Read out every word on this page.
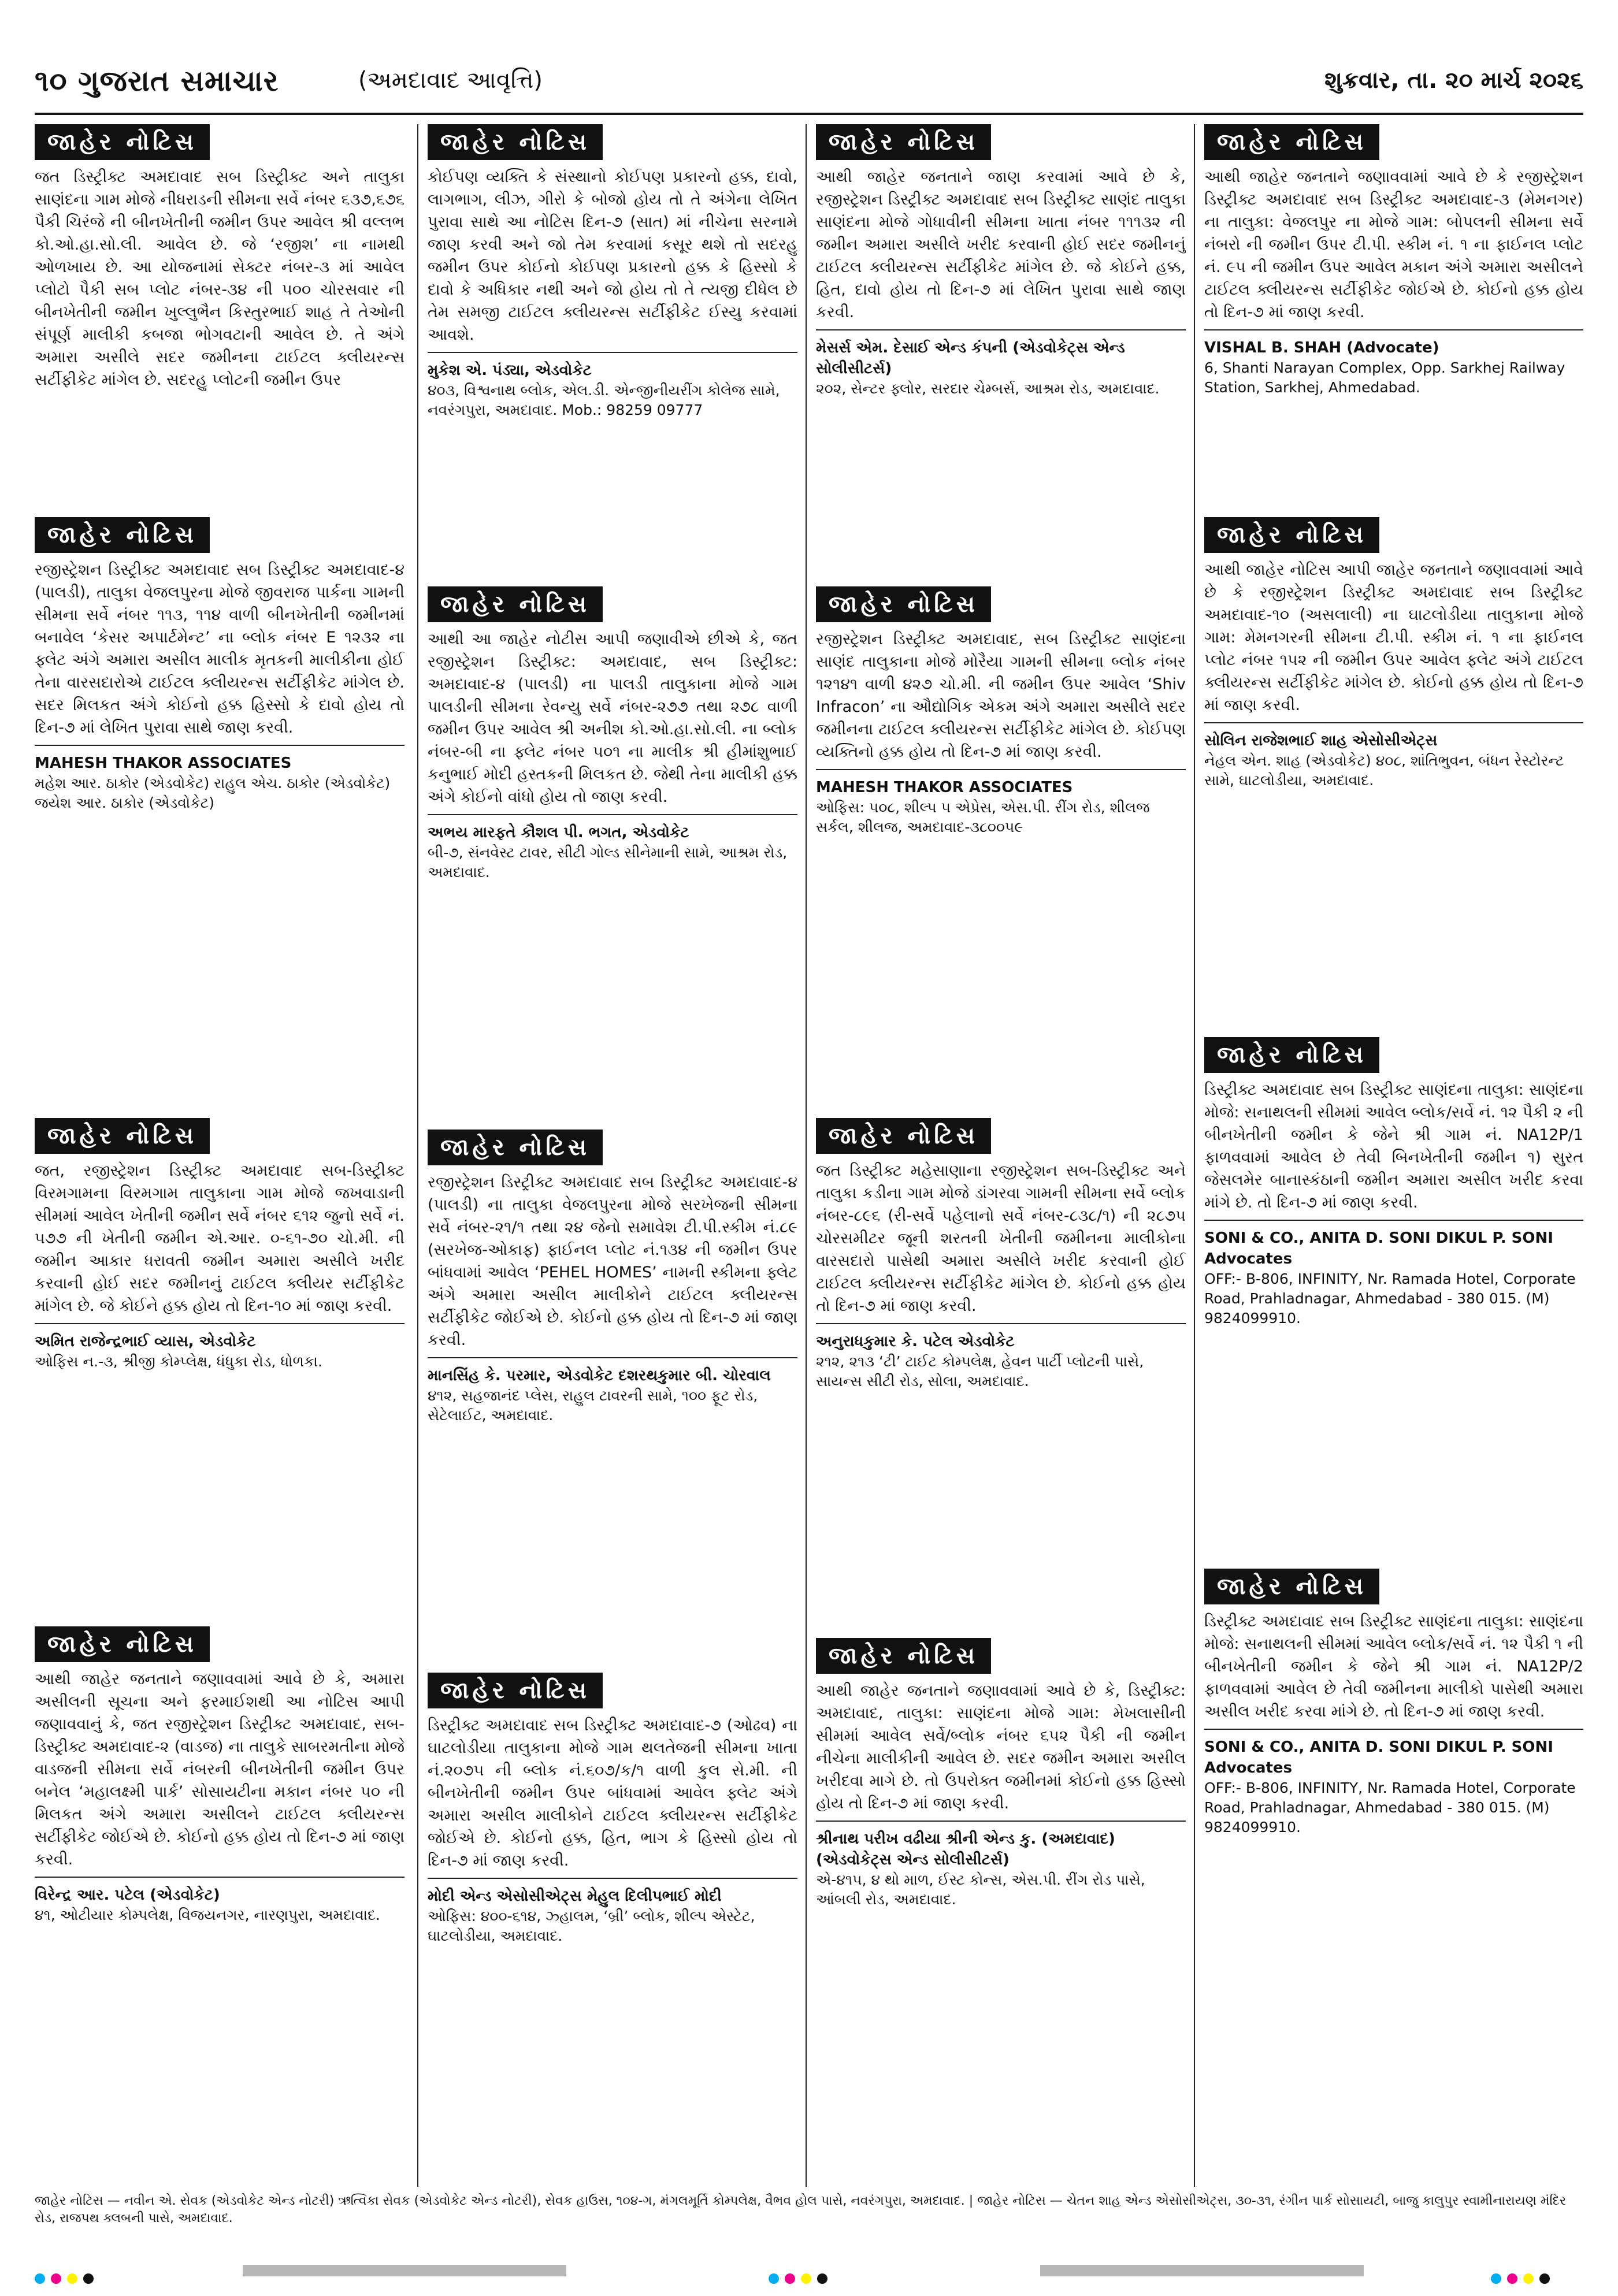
૧૦ ગુજરાત સમાચાર	(અમદાવાદ આવૃત્તિ)	શુક્રવાર, તા. ૨૦ માર્ચ ૨૦૨૬
જાહેર નોટિસ
જત ડિસ્ટ્રીક્ટ અમદાવાદ સબ ડિસ્ટ્રીક્ટ અને તાલુકા સાણંદના ગામ મોજે નીધરાડની સીમના સર્વે નંબર ૬૩૭,૬૭૬ પૈકી ચિરંજે ની બીનખેતીની જમીન ઉપર આવેલ શ્રી વલ્લભ કો.ઓ.હા.સો.લી. આવેલ છે. જે ‘રજીશ’ ના નામથી ઓળખાય છે. આ યોજનામાં સેક્ટર નંબર-૩ માં આવેલ પ્લોટો પૈકી સબ પ્લોટ નંબર-૩૪ ની ૫૦૦ ચોરસવાર ની બીનખેતીની જમીન ખુલ્લુભૈન કિસ્તુરભાઈ શાહ તે તેઓની સંપૂર્ણ માલીકી કબજા ભોગવટાની આવેલ છે. તે અંગે અમારા અસીલે સદર જમીનના ટાઈટલ ક્લીયરન્સ સર્ટીફીકેટ માંગેલ છે. સદરહુ પ્લોટની જમીન ઉપર
જાહેર નોટિસ
રજીસ્ટ્રેશન ડિસ્ટ્રીક્ટ અમદાવાદ સબ ડિસ્ટ્રીક્ટ અમદાવાદ-૪ (પાલડી), તાલુકા વેજલપુરના મોજે જીવરાજ પાર્કના ગામની સીમના સર્વે નંબર ૧૧૩, ૧૧૪ વાળી બીનખેતીની જમીનમાં બનાવેલ ‘કેસર અપાર્ટમેન્ટ’ ના બ્લોક નંબર E ૧૨૩૨ ના ફ્લેટ અંગે અમારા અસીલ માલીક મૃતકની માલીકીના હોઈ તેના વારસદારોએ ટાઈટલ ક્લીયરન્સ સર્ટીફીકેટ માંગેલ છે. સદર મિલકત અંગે કોઈનો હક્ક હિસ્સો કે દાવો હોય તો દિન-૭ માં લેખિત પુરાવા સાથે જાણ કરવી.
MAHESH THAKOR ASSOCIATES
મહેશ આર. ઠાકોર (એડવોકેટ) રાહુલ એચ. ઠાકોર (એડવોકેટ) જયેશ આર. ઠાકોર (એડવોકેટ)
જાહેર નોટિસ
જત, રજીસ્ટ્રેશન ડિસ્ટ્રીક્ટ અમદાવાદ સબ-ડિસ્ટ્રીક્ટ વિરમગામના વિરમગામ તાલુકાના ગામ મોજે જખવાડાની સીમમાં આવેલ ખેતીની જમીન સર્વે નંબર ૬૧૨ જુનો સર્વે નં. ૫૭૭ ની ખેતીની જમીન એ.આર. ૦-૬૧-૭૦ ચો.મી. ની જમીન આકાર ધરાવતી જમીન અમારા અસીલે ખરીદ કરવાની હોઈ સદર જમીનનું ટાઈટલ ક્લીયર સર્ટીફીકેટ માંગેલ છે. જે કોઈને હક્ક હોય તો દિન-૧૦ માં જાણ કરવી.
અમિત રાજેન્દ્રભાઈ વ્યાસ, એડવોકેટ
ઓફિસ ન.-૩, શ્રીજી કોમ્પ્લેક્ષ, ધંધુકા રોડ, ધોળકા.
જાહેર નોટિસ
આથી જાહેર જનતાને જણાવવામાં આવે છે કે, અમારા અસીલની સૂચના અને ફરમાઈશથી આ નોટિસ આપી જણાવવાનું કે, જત રજીસ્ટ્રેશન ડિસ્ટ્રીક્ટ અમદાવાદ, સબ-ડિસ્ટ્રીક્ટ અમદાવાદ-૨ (વાડજ) ના તાલુકે સાબરમતીના મોજે વાડજની સીમના સર્વે નંબરની બીનખેતીની જમીન ઉપર બનેલ ‘મહાલક્ષ્મી પાર્ક’ સોસાયટીના મકાન નંબર ૫૦ ની મિલકત અંગે અમારા અસીલને ટાઈટલ ક્લીયરન્સ સર્ટીફીકેટ જોઈએ છે. કોઈનો હક્ક હોય તો દિન-૭ માં જાણ કરવી.
વિરેન્દ્ર આર. પટેલ (એડવોકેટ)
૪૧, ઓટીયાર કોમ્પલેક્ષ, વિજયનગર, નારણપુરા, અમદાવાદ.
જાહેર નોટિસ
કોઈપણ વ્યક્તિ કે સંસ્થાનો કોઈપણ પ્રકારનો હક્ક, દાવો, લાગભાગ, લીઝ, ગીરો કે બોજો હોય તો તે અંગેના લેખિત પુરાવા સાથે આ નોટિસ દિન-૭ (સાત) માં નીચેના સરનામે જાણ કરવી અને જો તેમ કરવામાં કસૂર થશે તો સદરહુ જમીન ઉપર કોઈનો કોઈપણ પ્રકારનો હક્ક કે હિસ્સો કે દાવો કે અધિકાર નથી અને જો હોય તો તે ત્યજી દીધેલ છે તેમ સમજી ટાઈટલ ક્લીયરન્સ સર્ટીફીકેટ ઈસ્યુ કરવામાં આવશે.
મુકેશ એ. પંડ્યા, એડવોકેટ
૪૦૩, વિશ્વનાથ બ્લોક, એલ.ડી. એન્જીનીયરીંગ કોલેજ સામે, નવરંગપુરા, અમદાવાદ. Mob.: 98259 09777
જાહેર નોટિસ
આથી આ જાહેર નોટીસ આપી જણાવીએ છીએ કે, જત રજીસ્ટ્રેશન ડિસ્ટ્રીક્ટ: અમદાવાદ, સબ ડિસ્ટ્રીક્ટ: અમદાવાદ-૪ (પાલડી) ના પાલડી તાલુકાના મોજે ગામ પાલડીની સીમના રેવન્યુ સર્વે નંબર-૨૭૭ તથા ૨૭૮ વાળી જમીન ઉપર આવેલ શ્રી અનીશ કો.ઓ.હા.સો.લી. ના બ્લોક નંબર-બી ના ફ્લેટ નંબર ૫૦૧ ના માલીક શ્રી હીમાંશુભાઈ કનુભાઈ મોદી હસ્તકની મિલકત છે. જેથી તેના માલીકી હક્ક અંગે કોઈનો વાંધો હોય તો જાણ કરવી.
અભય મારફતે કૌશલ પી. ભગત, એડવોકેટ
બી-૭, સંનવેસ્ટ ટાવર, સીટી ગોલ્ડ સીનેમાની સામે, આશ્રમ રોડ, અમદાવાદ.
જાહેર નોટિસ
રજીસ્ટ્રેશન ડિસ્ટ્રીક્ટ અમદાવાદ સબ ડિસ્ટ્રીક્ટ અમદાવાદ-૪ (પાલડી) ના તાલુકા વેજલપુરના મોજે સરખેજની સીમના સર્વે નંબર-૨૧/૧ તથા ૨૪ જેનો સમાવેશ ટી.પી.સ્કીમ નં.૮૯ (સરખેજ-ઓકાફ) ફાઈનલ પ્લોટ નં.૧૩૪ ની જમીન ઉપર બાંધવામાં આવેલ ‘PEHEL HOMES’ નામની સ્કીમના ફ્લેટ અંગે અમારા અસીલ માલીકોને ટાઈટલ ક્લીયરન્સ સર્ટીફીકેટ જોઈએ છે. કોઈનો હક્ક હોય તો દિન-૭ માં જાણ કરવી.
માનસિંહ કે. પરમાર, એડવોકેટ દશરથકુમાર બી. ચોરવાલ
૪૧૨, સહજાનંદ પ્લેસ, રાહુલ ટાવરની સામે, ૧૦૦ ફૂટ રોડ, સેટેલાઈટ, અમદાવાદ.
જાહેર નોટિસ
ડિસ્ટ્રીક્ટ અમદાવાદ સબ ડિસ્ટ્રીક્ટ અમદાવાદ-૭ (ઓઢવ) ના ઘાટલોડીયા તાલુકાના મોજે ગામ થલતેજની સીમના ખાતા નં.૨૦૭૫ ની બ્લોક નં.૬૦૭/ક/૧ વાળી કુલ સે.મી. ની બીનખેતીની જમીન ઉપર બાંધવામાં આવેલ ફ્લેટ અંગે અમારા અસીલ માલીકોને ટાઈટલ ક્લીયરન્સ સર્ટીફીકેટ જોઈએ છે. કોઈનો હક્ક, હિત, ભાગ કે હિસ્સો હોય તો દિન-૭ માં જાણ કરવી.
મોદી એન્ડ એસોસીએટ્સ મેહુલ દિલીપભાઈ મોદી
ઓફિસ: ૪૦૦-૬૧૪, ઝ્હાલમ, ‘બ્રી’ બ્લોક, શીલ્પ એસ્ટેટ, ઘાટલોડીયા, અમદાવાદ.
જાહેર નોટિસ
આથી જાહેર જનતાને જાણ કરવામાં આવે છે કે, રજીસ્ટ્રેશન ડિસ્ટ્રીક્ટ અમદાવાદ સબ ડિસ્ટ્રીક્ટ સાણંદ તાલુકા સાણંદના મોજે ગોધાવીની સીમના ખાતા નંબર ૧૧૧૩૨ ની જમીન અમારા અસીલે ખરીદ કરવાની હોઈ સદર જમીનનું ટાઈટલ ક્લીયરન્સ સર્ટીફીકેટ માંગેલ છે. જે કોઈને હક્ક, હિત, દાવો હોય તો દિન-૭ માં લેખિત પુરાવા સાથે જાણ કરવી.
મેસર્સ એમ. દેસાઈ એન્ડ કંપની (એડવોકેટ્સ એન્ડ સોલીસીટર્સ)
૨૦૨, સેન્ટર ફ્લોર, સરદાર ચેમ્બર્સ, આશ્રમ રોડ, અમદાવાદ.
જાહેર નોટિસ
રજીસ્ટ્રેશન ડિસ્ટ્રીક્ટ અમદાવાદ, સબ ડિસ્ટ્રીક્ટ સાણંદના સાણંદ તાલુકાના મોજે મોરૈયા ગામની સીમના બ્લોક નંબર ૧૨૧૪૧ વાળી ૪૨૭ ચો.મી. ની જમીન ઉપર આવેલ ‘Shiv Infracon’ ના ઔદ્યોગિક એકમ અંગે અમારા અસીલે સદર જમીનના ટાઈટલ ક્લીયરન્સ સર્ટીફીકેટ માંગેલ છે. કોઈપણ વ્યક્તિનો હક્ક હોય તો દિન-૭ માં જાણ કરવી.
MAHESH THAKOR ASSOCIATES
ઓફિસ: ૫૦૮, શીલ્પ ૫ એપ્રેસ, એસ.પી. રીંગ રોડ, શીલજ સર્કલ, શીલજ, અમદાવાદ-૩૮૦૦૫૯
જાહેર નોટિસ
જત ડિસ્ટ્રીક્ટ મહેસાણાના રજીસ્ટ્રેશન સબ-ડિસ્ટ્રીક્ટ અને તાલુકા કડીના ગામ મોજે ડાંગરવા ગામની સીમના સર્વે બ્લોક નંબર-૮૯૬ (રી-સર્વે પહેલાનો સર્વે નંબર-૮૩૮/૧) ની ૨૮૭૫ ચોરસમીટર જૂની શરતની ખેતીની જમીનના માલીકોના વારસદારો પાસેથી અમારા અસીલે ખરીદ કરવાની હોઈ ટાઈટલ ક્લીયરન્સ સર્ટીફીકેટ માંગેલ છે. કોઈનો હક્ક હોય તો દિન-૭ માં જાણ કરવી.
અનુરાધકુમાર કે. પટેલ એડવોકેટ
૨૧૨, ૨૧૩ ‘ટી’ ટાઈટ કોમ્પલેક્ષ, હેવન પાર્ટી પ્લોટની પાસે, સાયન્સ સીટી રોડ, સોલા, અમદાવાદ.
જાહેર નોટિસ
આથી જાહેર જનતાને જણાવવામાં આવે છે કે, ડિસ્ટ્રીક્ટ: અમદાવાદ, તાલુકા: સાણંદના મોજે ગામ: મેખલાસીની સીમમાં આવેલ સર્વે/બ્લોક નંબર ૬૫૨ પૈકી ની જમીન નીચેના માલીકીની આવેલ છે. સદર જમીન અમારા અસીલ ખરીદવા માગે છે. તો ઉપરોક્ત જમીનમાં કોઈનો હક્ક હિસ્સો હોય તો દિન-૭ માં જાણ કરવી.
શ્રીનાથ પરીખ વઢીયા શ્રીની એન્ડ કુ. (અમદાવાદ) (એડવોકેટ્સ એન્ડ સોલીસીટર્સ)
એ-૪૧૫, ૪ થો માળ, ઈસ્ટ કોન્સ, એસ.પી. રીંગ રોડ પાસે, આંબલી રોડ, અમદાવાદ.
જાહેર નોટિસ
આથી જાહેર જનતાને જણાવવામાં આવે છે કે રજીસ્ટ્રેશન ડિસ્ટ્રીક્ટ અમદાવાદ સબ ડિસ્ટ્રીક્ટ અમદાવાદ-૩ (મેમનગર) ના તાલુકા: વેજલપુર ના મોજે ગામ: બોપલની સીમના સર્વે નંબરો ની જમીન ઉપર ટી.પી. સ્કીમ નં. ૧ ના ફાઈનલ પ્લોટ નં. ૯૫ ની જમીન ઉપર આવેલ મકાન અંગે અમારા અસીલને ટાઈટલ ક્લીયરન્સ સર્ટીફીકેટ જોઈએ છે. કોઈનો હક્ક હોય તો દિન-૭ માં જાણ કરવી.
VISHAL B. SHAH (Advocate)
6, Shanti Narayan Complex, Opp. Sarkhej Railway Station, Sarkhej, Ahmedabad.
જાહેર નોટિસ
આથી જાહેર નોટિસ આપી જાહેર જનતાને જણાવવામાં આવે છે કે રજીસ્ટ્રેશન ડિસ્ટ્રીક્ટ અમદાવાદ સબ ડિસ્ટ્રીક્ટ અમદાવાદ-૧૦ (અસલાલી) ના ઘાટલોડીયા તાલુકાના મોજે ગામ: મેમનગરની સીમના ટી.પી. સ્કીમ નં. ૧ ના ફાઈનલ પ્લોટ નંબર ૧૫૨ ની જમીન ઉપર આવેલ ફ્લેટ અંગે ટાઈટલ ક્લીયરન્સ સર્ટીફીકેટ માંગેલ છે. કોઈનો હક્ક હોય તો દિન-૭ માં જાણ કરવી.
સોલિન રાજેશભાઈ શાહ એસોસીએટ્સ
નેહલ એન. શાહ (એડવોકેટ) ૪૦૮, શાંતિભુવન, બંધન રેસ્ટોરન્ટ સામે, ઘાટલોડીયા, અમદાવાદ.
જાહેર નોટિસ
ડિસ્ટ્રીક્ટ અમદાવાદ સબ ડિસ્ટ્રીક્ટ સાણંદના તાલુકા: સાણંદના મોજે: સનાથલની સીમમાં આવેલ બ્લોક/સર્વે નં. ૧૨ પૈકી ૨ ની બીનખેતીની જમીન કે જેને શ્રી ગામ નં. NA12P/1 ફાળવવામાં આવેલ છે તેવી બિનખેતીની જમીન ૧) સુરત જેસલમેર બાનાસ્કંઠાની જમીન અમારા અસીલ ખરીદ કરવા માંગે છે. તો દિન-૭ માં જાણ કરવી.
SONI & CO., ANITA D. SONI DIKUL P. SONI Advocates
OFF:- B-806, INFINITY, Nr. Ramada Hotel, Corporate Road, Prahladnagar, Ahmedabad - 380 015. (M) 9824099910.
જાહેર નોટિસ
ડિસ્ટ્રીક્ટ અમદાવાદ સબ ડિસ્ટ્રીક્ટ સાણંદના તાલુકા: સાણંદના મોજે: સનાથલની સીમમાં આવેલ બ્લોક/સર્વે નં. ૧૨ પૈકી ૧ ની બીનખેતીની જમીન કે જેને શ્રી ગામ નં. NA12P/2 ફાળવવામાં આવેલ છે તેવી જમીનના માલીકો પાસેથી અમારા અસીલ ખરીદ કરવા માંગે છે. તો દિન-૭ માં જાણ કરવી.
SONI & CO., ANITA D. SONI DIKUL P. SONI Advocates
OFF:- B-806, INFINITY, Nr. Ramada Hotel, Corporate Road, Prahladnagar, Ahmedabad - 380 015. (M) 9824099910.
જાહેર નોટિસ — નવીન એ. સેવક (એડવોકેટ એન્ડ નોટરી) ઋત્વિકા સેવક (એડવોકેટ એન્ડ નોટરી), સેવક હાઉસ, ૧૦૪-ગ, મંગલમૂર્તિ કોમ્પલેક્ષ, વૈભવ હોલ પાસે, નવરંગપુરા, અમદાવાદ. | જાહેર નોટિસ — ચેતન શાહ એન્ડ એસોસીએટ્સ, ૩૦-૩૧, રંગીન પાર્ક સોસાયટી, બાજુ કાલુપુર સ્વામીનારાયણ મંદિર રોડ, રાજપથ ક્લબની પાસે, અમદાવાદ.
